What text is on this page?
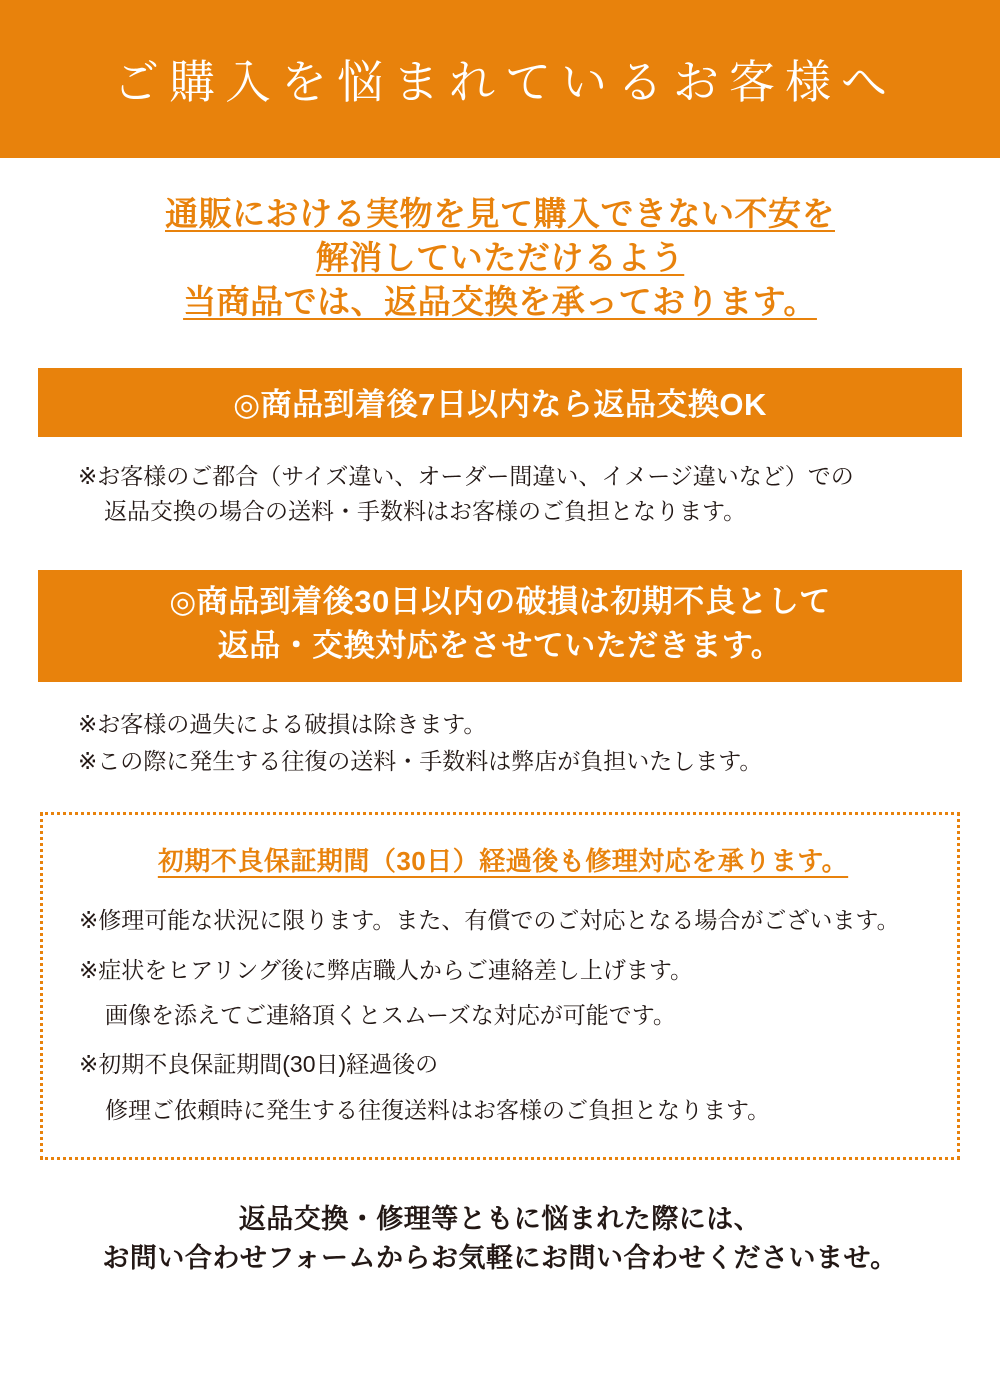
ご購入を悩まれているお客様へ
通販における実物を見て購入できない不安を
解消していただけるよう
当商品では、返品交換を承っております。
◎商品到着後7日以内なら返品交換OK
※お客様のご都合（サイズ違い、オーダー間違い、イメージ違いなど）での
返品交換の場合の送料・手数料はお客様のご負担となります。
◎商品到着後30日以内の破損は初期不良として
返品・交換対応をさせていただきます。
※お客様の過失による破損は除きます。
※この際に発生する往復の送料・手数料は弊店が負担いたします。
初期不良保証期間（30日）経過後も修理対応を承ります。
※修理可能な状況に限ります。また、有償でのご対応となる場合がございます。
※症状をヒアリング後に弊店職人からご連絡差し上げます。
画像を添えてご連絡頂くとスムーズな対応が可能です。
※初期不良保証期間(30日)経過後の
修理ご依頼時に発生する往復送料はお客様のご負担となります。
返品交換・修理等ともに悩まれた際には、
お問い合わせフォームからお気軽にお問い合わせくださいませ。
